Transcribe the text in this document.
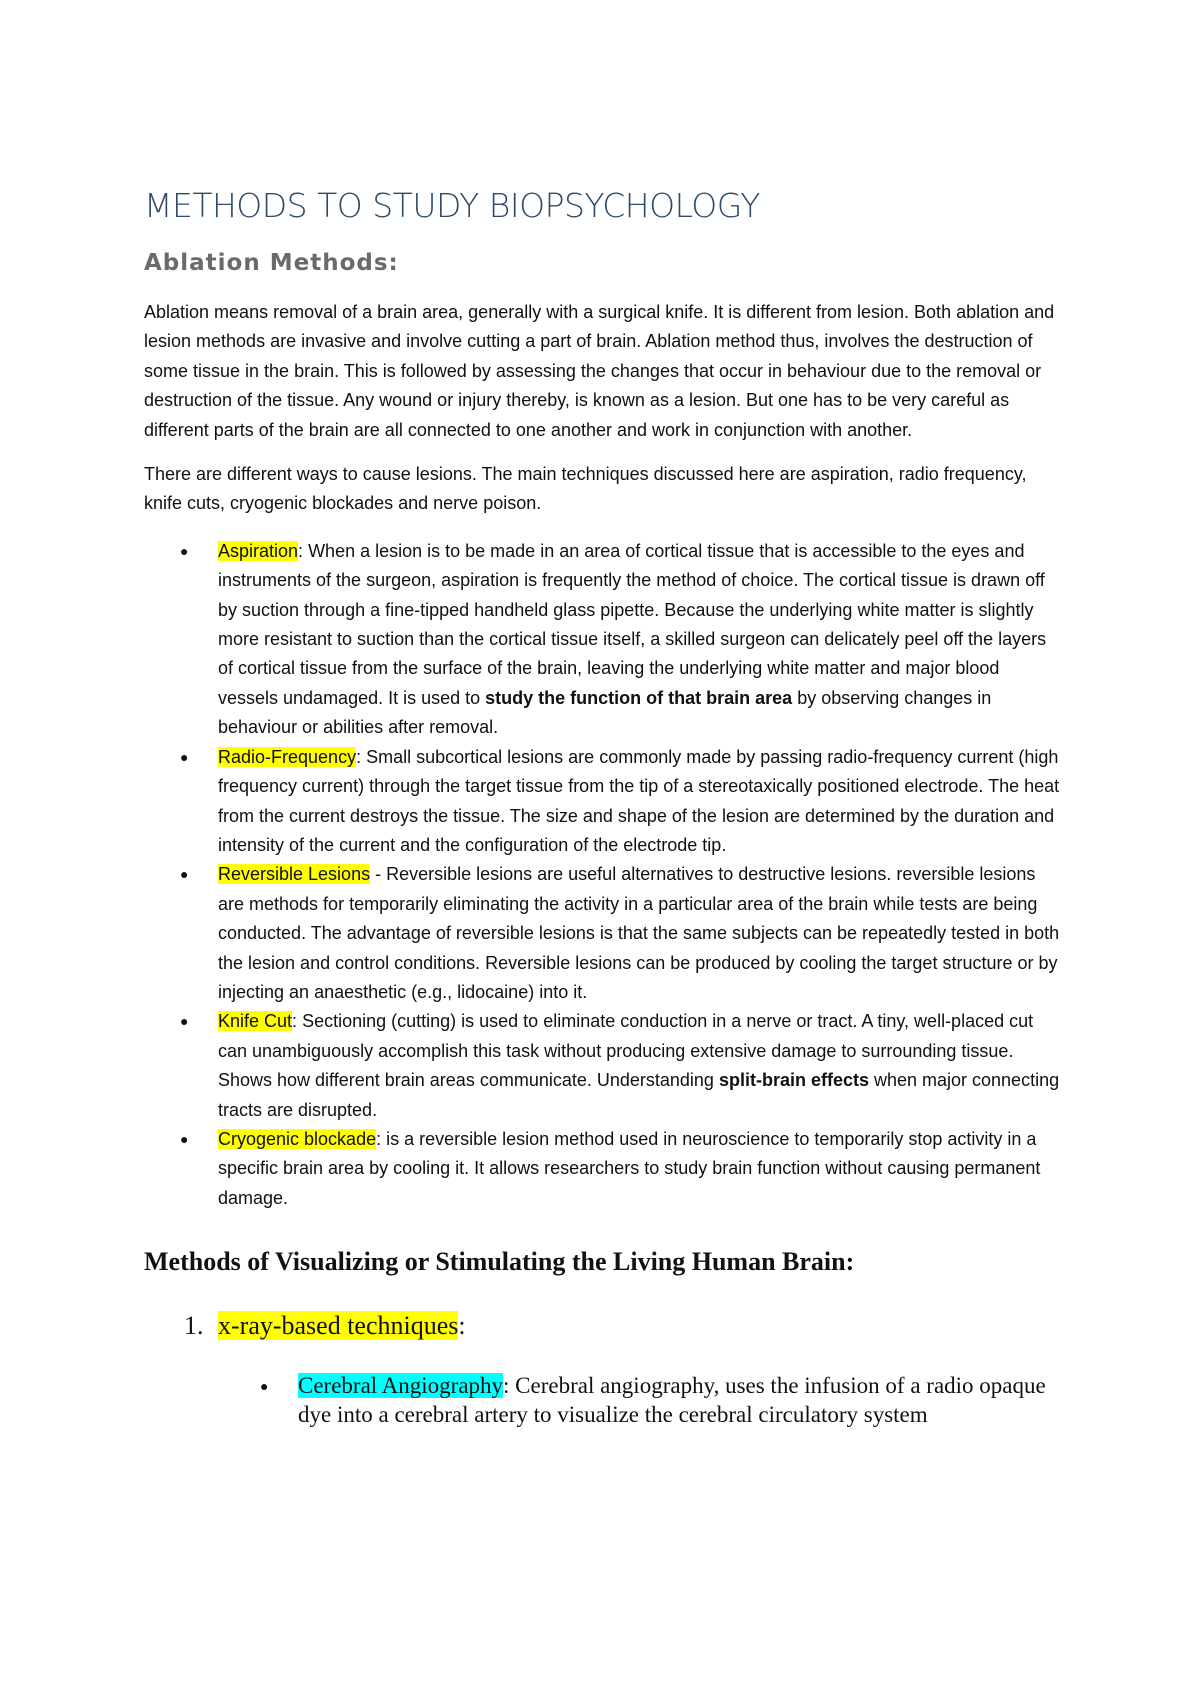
METHODS TO STUDY BIOPSYCHOLOGY
Ablation Methods:

Ablation means removal of a brain area, generally with a surgical knife. It is different from lesion. Both ablation and lesion methods are invasive and involve cutting a part of brain. Ablation method thus, involves the destruction of some tissue in the brain. This is followed by assessing the changes that occur in behaviour due to the removal or destruction of the tissue. Any wound or injury thereby, is known as a lesion. But one has to be very careful as different parts of the brain are all connected to one another and work in conjunction with another.

There are different ways to cause lesions. The main techniques discussed here are aspiration, radio frequency, knife cuts, cryogenic blockades and nerve poison.

● Aspiration: When a lesion is to be made in an area of cortical tissue that is accessible to the eyes and instruments of the surgeon, aspiration is frequently the method of choice. The cortical tissue is drawn off by suction through a fine-tipped handheld glass pipette. Because the underlying white matter is slightly more resistant to suction than the cortical tissue itself, a skilled surgeon can delicately peel off the layers of cortical tissue from the surface of the brain, leaving the underlying white matter and major blood vessels undamaged. It is used to study the function of that brain area by observing changes in behaviour or abilities after removal.
● Radio-Frequency: Small subcortical lesions are commonly made by passing radio-frequency current (high frequency current) through the target tissue from the tip of a stereotaxically positioned electrode. The heat from the current destroys the tissue. The size and shape of the lesion are determined by the duration and intensity of the current and the configuration of the electrode tip.
● Reversible Lesions - Reversible lesions are useful alternatives to destructive lesions. reversible lesions are methods for temporarily eliminating the activity in a particular area of the brain while tests are being conducted. The advantage of reversible lesions is that the same subjects can be repeatedly tested in both the lesion and control conditions. Reversible lesions can be produced by cooling the target structure or by injecting an anaesthetic (e.g., lidocaine) into it.
● Knife Cut: Sectioning (cutting) is used to eliminate conduction in a nerve or tract. A tiny, well-placed cut can unambiguously accomplish this task without producing extensive damage to surrounding tissue. Shows how different brain areas communicate. Understanding split-brain effects when major connecting tracts are disrupted.
● Cryogenic blockade: is a reversible lesion method used in neuroscience to temporarily stop activity in a specific brain area by cooling it. It allows researchers to study brain function without causing permanent damage.
Methods of Visualizing or Stimulating the Living Human Brain:
1. x-ray-based techniques:
● Cerebral Angiography: Cerebral angiography, uses the infusion of a radio opaque dye into a cerebral artery to visualize the cerebral circulatory system
